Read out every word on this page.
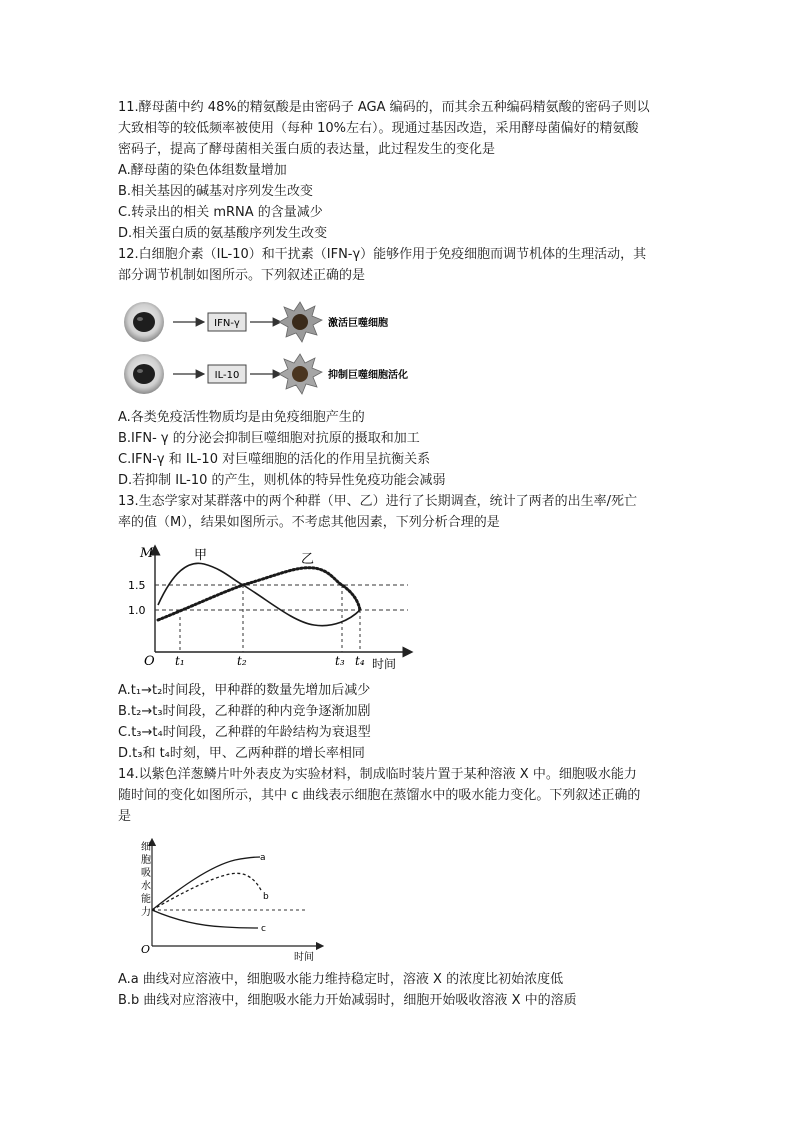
11.酵母菌中约 48%的精氨酸是由密码子 AGA 编码的，而其余五种编码精氨酸的密码子则以
大致相等的较低频率被使用（每种 10%左右）。现通过基因改造，采用酵母菌偏好的精氨酸
密码子，提高了酵母菌相关蛋白质的表达量，此过程发生的变化是
A.酵母菌的染色体组数量增加
B.相关基因的碱基对序列发生改变
C.转录出的相关 mRNA 的含量减少
D.相关蛋白质的氨基酸序列发生改变
12.白细胞介素（IL-10）和干扰素（IFN-γ）能够作用于免疫细胞而调节机体的生理活动，其
部分调节机制如图所示。下列叙述正确的是
IFN-γ	激活巨噬细胞
IL-10	抑制巨噬细胞活化
A.各类免疫活性物质均是由免疫细胞产生的
B.IFN- γ 的分泌会抑制巨噬细胞对抗原的摄取和加工
C.IFN-γ 和 IL-10 对巨噬细胞的活化的作用呈抗衡关系
D.若抑制 IL-10 的产生，则机体的特异性免疫功能会减弱
13.生态学家对某群落中的两个种群（甲、乙）进行了长期调查，统计了两者的出生率/死亡
率的值（M），结果如图所示。不考虑其他因素，下列分析合理的是
M
时间
O
1.5
1.0
t₁	t₂	t₃ t₄
甲	乙
A.t₁→t₂时间段，甲种群的数量先增加后减少
B.t₂→t₃时间段，乙种群的种内竞争逐渐加剧
C.t₃→t₄时间段，乙种群的年龄结构为衰退型
D.t₃和 t₄时刻，甲、乙两种群的增长率相同
14.以紫色洋葱鳞片叶外表皮为实验材料，制成临时装片置于某种溶液 X 中。细胞吸水能力
随时间的变化如图所示，其中 c 曲线表示细胞在蒸馏水中的吸水能力变化。下列叙述正确的
是
细 胞 吸 水 能 力
O
时间
a
b
c
A.a 曲线对应溶液中，细胞吸水能力维持稳定时，溶液 X 的浓度比初始浓度低
B.b 曲线对应溶液中，细胞吸水能力开始减弱时，细胞开始吸收溶液 X 中的溶质
